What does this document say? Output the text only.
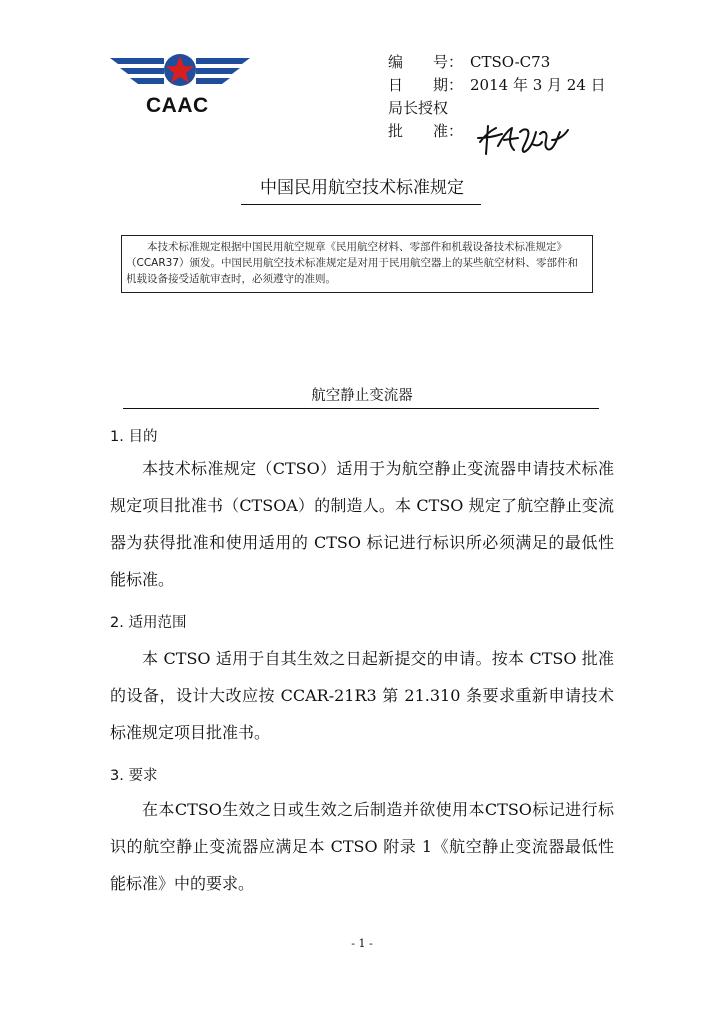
CAAC
编　　号： CTSO-C73
日　　期： 2014 年 3 月 24 日
局长授权
批　　准：
中国民用航空技术标准规定

本技术标准规定根据中国民用航空规章《民用航空材料、零部件和机载设备技术标准规定》（CCAR37）颁发。中国民用航空技术标准规定是对用于民用航空器上的某些航空材料、零部件和机载设备接受适航审查时，必须遵守的准则。

航空静止变流器
1. 目的

本技术标准规定（CTSO）适用于为航空静止变流器申请技术标准规定项目批准书（CTSOA）的制造人。本 CTSO 规定了航空静止变流器为获得批准和使用适用的 CTSO 标记进行标识所必须满足的最低性能标准。

2. 适用范围

本 CTSO 适用于自其生效之日起新提交的申请。按本 CTSO 批准的设备，设计大改应按 CCAR-21R3 第 21.310 条要求重新申请技术标准规定项目批准书。

3. 要求

在本CTSO生效之日或生效之后制造并欲使用本CTSO标记进行标识的航空静止变流器应满足本 CTSO 附录 1《航空静止变流器最低性能标准》中的要求。

- 1 -
